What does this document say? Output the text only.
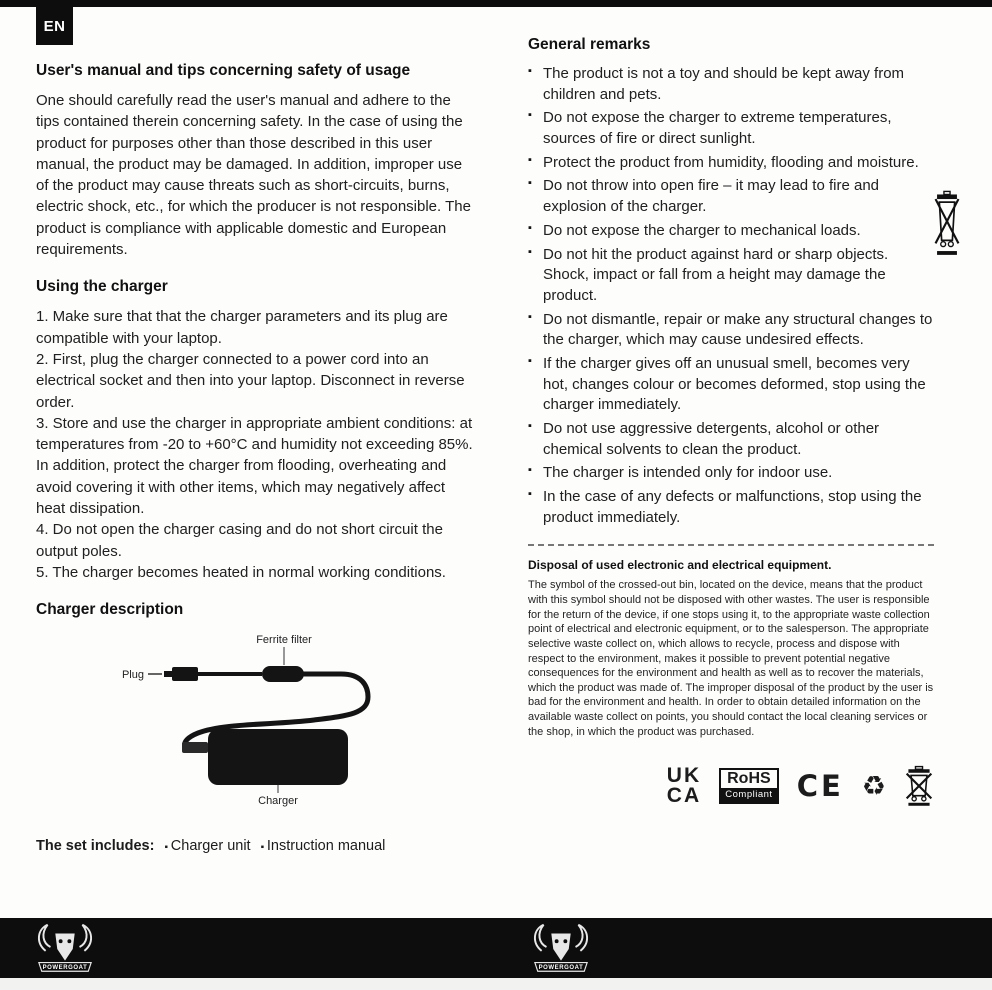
EN
User's manual and tips concerning safety of usage

One should carefully read the user's manual and adhere to the tips contained therein concerning safety. In the case of using the product for purposes other than those described in this user manual, the product may be damaged. In addition, improper use of the product may cause threats such as short-circuits, burns, electric shock, etc., for which the producer is not responsible. The product is compliance with applicable domestic and European requirements.

Using the charger

1. Make sure that that the charger parameters and its plug are compatible with your laptop.

2. First, plug the charger connected to a power cord into an electrical socket and then into your laptop. Disconnect in reverse order.

3. Store and use the charger in appropriate ambient conditions: at temperatures from -20 to +60°C and humidity not exceeding 85%. In addition, protect the charger from flooding, overheating and avoid covering it with other items, which may negatively affect heat dissipation.

4. Do not open the charger casing and do not short circuit the output poles.

5. The charger becomes heated in normal working conditions.

Charger description
Ferrite filter
Plug
Charger
The set includes:	▪ Charger unit	▪ Instruction manual
General remarks
▪ The product is not a toy and should be kept away from children and pets.
▪ Do not expose the charger to extreme temperatures, sources of fire or direct sunlight.
▪ Protect the product from humidity, flooding and moisture.
▪ Do not throw into open fire – it may lead to fire and explosion of the charger.
▪ Do not expose the charger to mechanical loads.
▪ Do not hit the product against hard or sharp objects. Shock, impact or fall from a height may damage the product.
▪ Do not dismantle, repair or make any structural changes to the charger, which may cause undesired effects.
▪ If the charger gives off an unusual smell, becomes very hot, changes colour or becomes deformed, stop using the charger immediately.
▪ Do not use aggressive detergents, alcohol or other chemical solvents to clean the product.
▪ The charger is intended only for indoor use.
▪ In the case of any defects or malfunctions, stop using the product immediately.
Disposal of used electronic and electrical equipment.

The symbol of the crossed-out bin, located on the device, means that the product with this symbol should not be disposed with other wastes. The user is responsible for the return of the device, if one stops using it, to the appropriate waste collection point of electrical and electronic equipment, or to the salesperson. The appropriate selective waste collect on, which allows to recycle, process and dispose with respect to the environment, makes it possible to prevent potential negative consequences for the environment and health as well as to recover the materials, which the product was made of. The improper disposal of the product by the user is bad for the environment and health. In order to obtain detailed information on the available waste collect on points, you should contact the local cleaning services or the shop, in which the product was purchased.

UK
CA
RoHS
Compliant CE ♻
POWERGOAT	POWERGOAT
